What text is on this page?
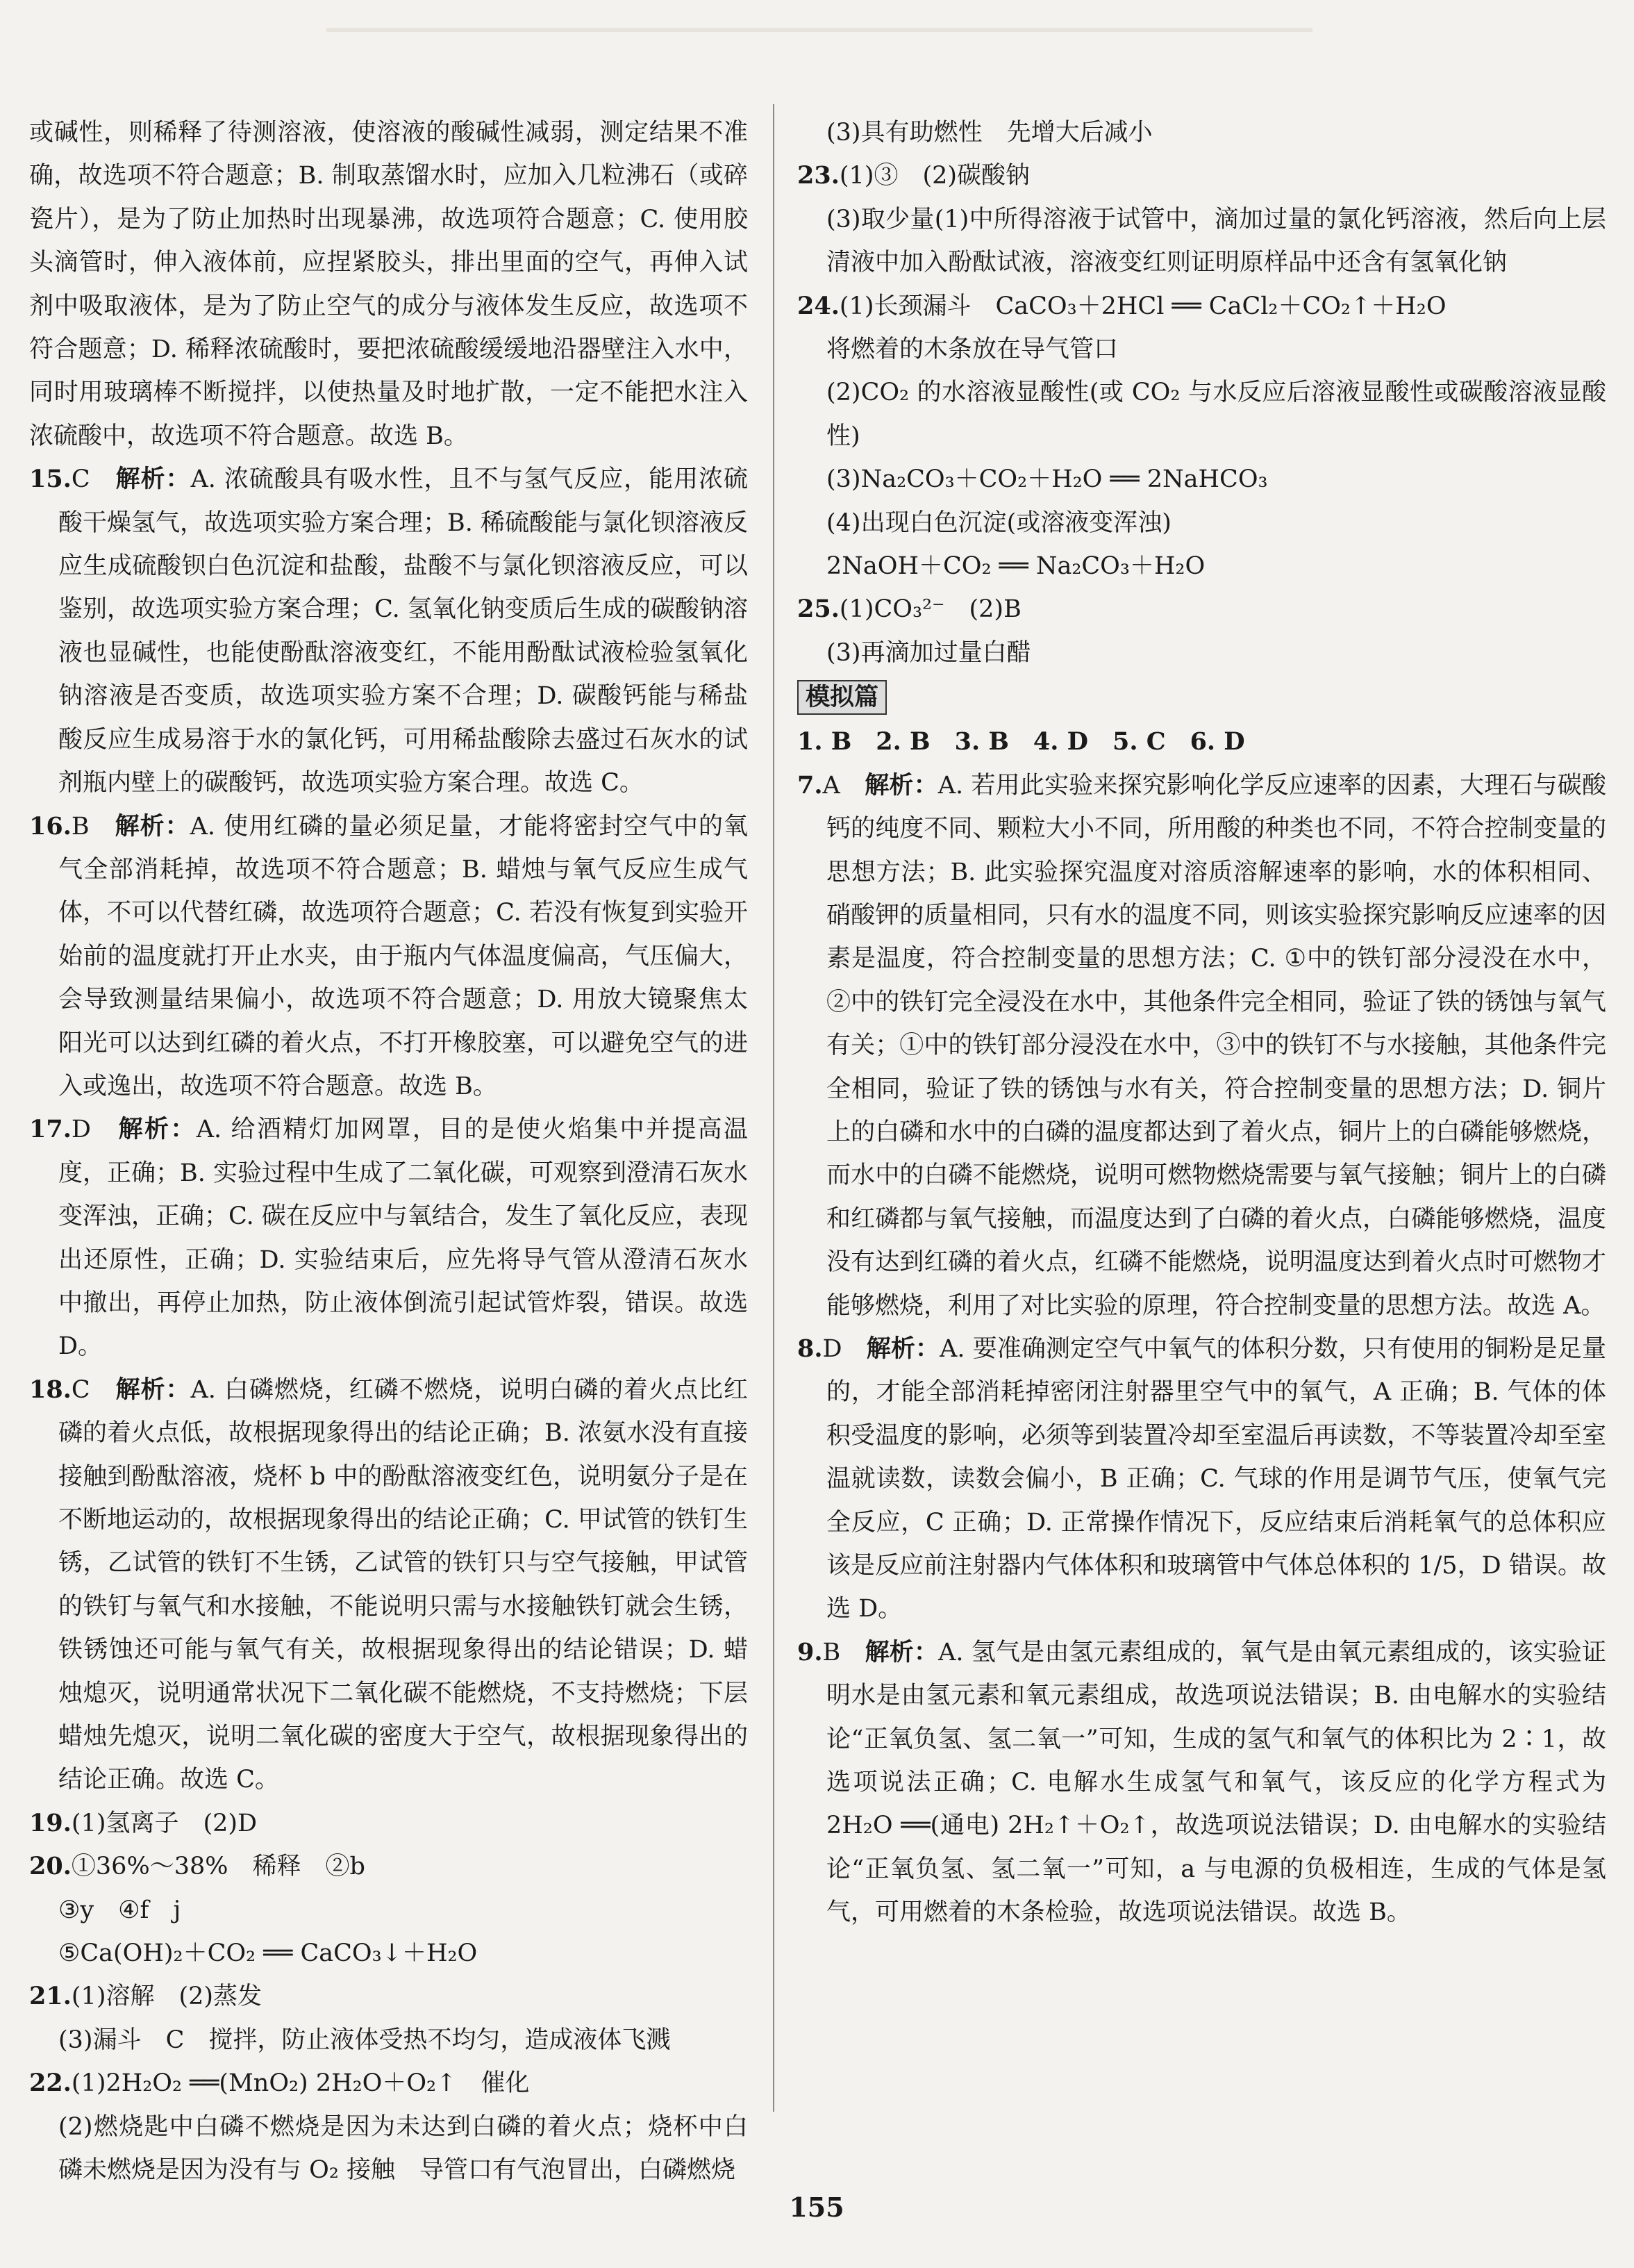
或碱性，则稀释了待测溶液，使溶液的酸碱性减弱，测定结果不准确，故选项不符合题意；B. 制取蒸馏水时，应加入几粒沸石（或碎瓷片），是为了防止加热时出现暴沸，故选项符合题意；C. 使用胶头滴管时，伸入液体前，应捏紧胶头，排出里面的空气，再伸入试剂中吸取液体，是为了防止空气的成分与液体发生反应，故选项不符合题意；D. 稀释浓硫酸时，要把浓硫酸缓缓地沿器壁注入水中，同时用玻璃棒不断搅拌，以使热量及时地扩散，一定不能把水注入浓硫酸中，故选项不符合题意。故选 B。

15.C　 解析：A. 浓硫酸具有吸水性，且不与氢气反应，能用浓硫酸干燥氢气，故选项实验方案合理；B. 稀硫酸能与氯化钡溶液反应生成硫酸钡白色沉淀和盐酸，盐酸不与氯化钡溶液反应，可以鉴别，故选项实验方案合理；C. 氢氧化钠变质后生成的碳酸钠溶液也显碱性，也能使酚酞溶液变红，不能用酚酞试液检验氢氧化钠溶液是否变质，故选项实验方案不合理；D. 碳酸钙能与稀盐酸反应生成易溶于水的氯化钙，可用稀盐酸除去盛过石灰水的试剂瓶内壁上的碳酸钙，故选项实验方案合理。故选 C。

16.B　 解析：A. 使用红磷的量必须足量，才能将密封空气中的氧气全部消耗掉，故选项不符合题意；B. 蜡烛与氧气反应生成气体，不可以代替红磷，故选项符合题意；C. 若没有恢复到实验开始前的温度就打开止水夹，由于瓶内气体温度偏高，气压偏大，会导致测量结果偏小，故选项不符合题意；D. 用放大镜聚焦太阳光可以达到红磷的着火点，不打开橡胶塞，可以避免空气的进入或逸出，故选项不符合题意。故选 B。

17.D　 解析：A. 给酒精灯加网罩，目的是使火焰集中并提高温度，正确；B. 实验过程中生成了二氧化碳，可观察到澄清石灰水变浑浊，正确；C. 碳在反应中与氧结合，发生了氧化反应，表现出还原性，正确；D. 实验结束后，应先将导气管从澄清石灰水中撤出，再停止加热，防止液体倒流引起试管炸裂，错误。故选 D。

18.C　 解析：A. 白磷燃烧，红磷不燃烧，说明白磷的着火点比红磷的着火点低，故根据现象得出的结论正确；B. 浓氨水没有直接接触到酚酞溶液，烧杯 b 中的酚酞溶液变红色，说明氨分子是在不断地运动的，故根据现象得出的结论正确；C. 甲试管的铁钉生锈，乙试管的铁钉不生锈，乙试管的铁钉只与空气接触，甲试管的铁钉与氧气和水接触，不能说明只需与水接触铁钉就会生锈，铁锈蚀还可能与氧气有关，故根据现象得出的结论错误；D. 蜡烛熄灭，说明通常状况下二氧化碳不能燃烧，不支持燃烧；下层蜡烛先熄灭，说明二氧化碳的密度大于空气，故根据现象得出的结论正确。故选 C。

19.(1)氢离子　(2)D

20.①36%～38%　稀释　②b

③y　④f　j

⑤Ca(OH)₂＋CO₂ ══ CaCO₃↓＋H₂O

21.(1)溶解　(2)蒸发

(3)漏斗　C　搅拌，防止液体受热不均匀，造成液体飞溅

22.(1)2H₂O₂ ══(MnO₂) 2H₂O＋O₂↑　催化

(2)燃烧匙中白磷不燃烧是因为未达到白磷的着火点；烧杯中白磷未燃烧是因为没有与 O₂ 接触　导管口有气泡冒出，白磷燃烧

(3)具有助燃性　先增大后减小

23.(1)③　(2)碳酸钠

(3)取少量(1)中所得溶液于试管中，滴加过量的氯化钙溶液，然后向上层清液中加入酚酞试液，溶液变红则证明原样品中还含有氢氧化钠

24.(1)长颈漏斗　CaCO₃＋2HCl ══ CaCl₂＋CO₂↑＋H₂O

将燃着的木条放在导气管口

(2)CO₂ 的水溶液显酸性(或 CO₂ 与水反应后溶液显酸性或碳酸溶液显酸性)

(3)Na₂CO₃＋CO₂＋H₂O ══ 2NaHCO₃

(4)出现白色沉淀(或溶液变浑浊)

2NaOH＋CO₂ ══ Na₂CO₃＋H₂O

25.(1)CO₃²⁻　(2)B

(3)再滴加过量白醋

模拟篇

1. B　2. B　3. B　4. D　5. C　6. D

7.A　 解析：A. 若用此实验来探究影响化学反应速率的因素，大理石与碳酸钙的纯度不同、颗粒大小不同，所用酸的种类也不同，不符合控制变量的思想方法；B. 此实验探究温度对溶质溶解速率的影响，水的体积相同、硝酸钾的质量相同，只有水的温度不同，则该实验探究影响反应速率的因素是温度，符合控制变量的思想方法；C. ①中的铁钉部分浸没在水中，②中的铁钉完全浸没在水中，其他条件完全相同，验证了铁的锈蚀与氧气有关；①中的铁钉部分浸没在水中，③中的铁钉不与水接触，其他条件完全相同，验证了铁的锈蚀与水有关，符合控制变量的思想方法；D. 铜片上的白磷和水中的白磷的温度都达到了着火点，铜片上的白磷能够燃烧，而水中的白磷不能燃烧，说明可燃物燃烧需要与氧气接触；铜片上的白磷和红磷都与氧气接触，而温度达到了白磷的着火点，白磷能够燃烧，温度没有达到红磷的着火点，红磷不能燃烧，说明温度达到着火点时可燃物才能够燃烧，利用了对比实验的原理，符合控制变量的思想方法。故选 A。

8.D　 解析：A. 要准确测定空气中氧气的体积分数，只有使用的铜粉是足量的，才能全部消耗掉密闭注射器里空气中的氧气，A 正确；B. 气体的体积受温度的影响，必须等到装置冷却至室温后再读数，不等装置冷却至室温就读数，读数会偏小，B 正确；C. 气球的作用是调节气压，使氧气完全反应，C 正确；D. 正常操作情况下，反应结束后消耗氧气的总体积应该是反应前注射器内气体体积和玻璃管中气体总体积的 1/5，D 错误。故选 D。

9.B　 解析：A. 氢气是由氢元素组成的，氧气是由氧元素组成的，该实验证明水是由氢元素和氧元素组成，故选项说法错误；B. 由电解水的实验结论“正氧负氢、氢二氧一”可知，生成的氢气和氧气的体积比为 2∶1，故选项说法正确；C. 电解水生成氢气和氧气，该反应的化学方程式为 2H₂O ══(通电) 2H₂↑＋O₂↑，故选项说法错误；D. 由电解水的实验结论“正氧负氢、氢二氧一”可知，a 与电源的负极相连，生成的气体是氢气，可用燃着的木条检验，故选项说法错误。故选 B。

155
